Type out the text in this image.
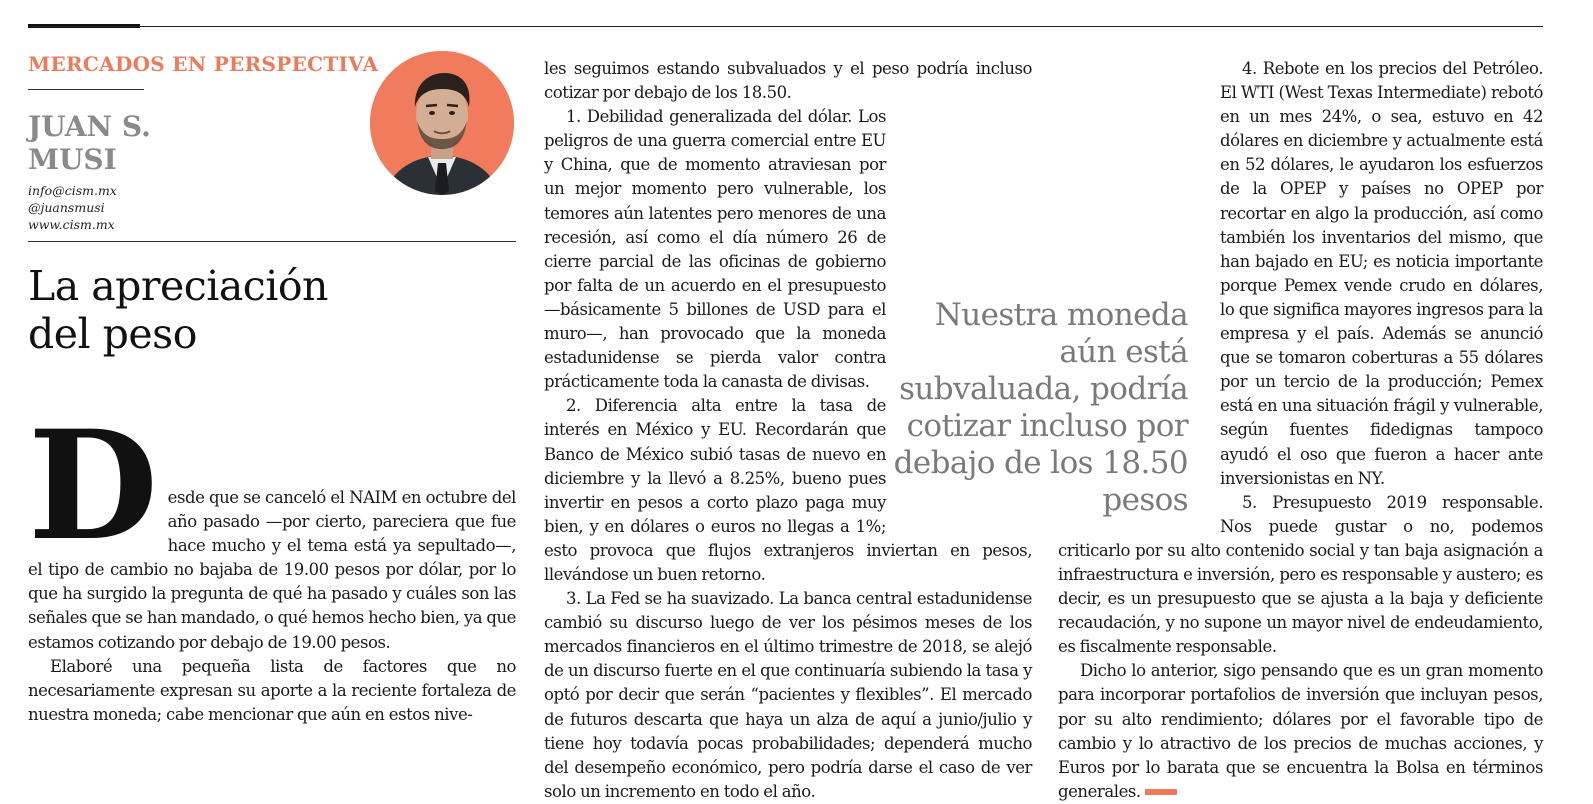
MERCADOS EN PERSPECTIVA
JUAN S.
MUSI
info@cism.mx
@juansmusi
www.cism.mx
La apreciación
del peso

Desde que se canceló el NAIM en octubre del año pasado —por cierto, pareciera que fue hace mucho y el tema está ya sepultado—, el tipo de cambio no bajaba de 19.00 pesos por dólar, por lo que ha surgido la pregunta de qué ha pasado y cuáles son las señales que se han mandado, o qué hemos hecho bien, ya que estamos cotizando por debajo de 19.00 pesos.

Elaboré una pequeña lista de factores que no necesariamente expresan su aporte a la reciente fortaleza de nuestra moneda; cabe mencionar que aún en estos nive-

les seguimos estando subvaluados y el peso podría incluso cotizar por debajo de los 18.50.

1. Debilidad generalizada del dólar. Los peligros de una guerra comercial entre EU y China, que de momento atraviesan por un mejor momento pero vulnerable, los temores aún latentes pero menores de una recesión, así como el día número 26 de cierre parcial de las oficinas de gobierno por falta de un acuerdo en el presupuesto —básicamente 5 billones de USD para el muro—, han provocado que la moneda estadunidense se pierda valor contra prácticamente toda la canasta de divisas.

2. Diferencia alta entre la tasa de interés en México y EU. Recordarán que Banco de México subió tasas de nuevo en diciembre y la llevó a 8.25%, bueno pues invertir en pesos a corto plazo paga muy bien, y en dólares o euros no llegas a 1%; esto provoca que flujos extranjeros inviertan en pesos, llevándose un buen retorno.

3. La Fed se ha suavizado. La banca central estadunidense cambió su discurso luego de ver los pésimos meses de los mercados financieros en el último trimestre de 2018, se alejó de un discurso fuerte en el que continuaría subiendo la tasa y optó por decir que serán “pacientes y flexibles”. El mercado de futuros descarta que haya un alza de aquí a junio/julio y tiene hoy todavía pocas probabilidades; dependerá mucho del desempeño económico, pero podría darse el caso de ver solo un incremento en todo el año.

4. Rebote en los precios del Petróleo. El WTI (West Texas Intermediate) rebotó en un mes 24%, o sea, estuvo en 42 dólares en diciembre y actualmente está en 52 dólares, le ayudaron los esfuerzos de la OPEP y países no OPEP por recortar en algo la producción, así como también los inventarios del mismo, que han bajado en EU; es noticia importante porque Pemex vende crudo en dólares, lo que significa mayores ingresos para la empresa y el país. Además se anunció que se tomaron coberturas a 55 dólares por un tercio de la producción; Pemex está en una situación frágil y vulnerable, según fuentes fidedignas tampoco ayudó el oso que fueron a hacer ante inversionistas en NY.

5. Presupuesto 2019 responsable. Nos puede gustar o no, podemos criticarlo por su alto contenido social y tan baja asignación a infraestructura e inversión, pero es responsable y austero; es decir, es un presupuesto que se ajusta a la baja y deficiente recaudación, y no supone un mayor nivel de endeudamiento, es fiscalmente responsable.

Dicho lo anterior, sigo pensando que es un gran momento para incorporar portafolios de inversión que incluyan pesos, por su alto rendimiento; dólares por el favorable tipo de cambio y lo atractivo de los precios de muchas acciones, y Euros por lo barata que se encuentra la Bolsa en términos generales.

Nuestra moneda aún está subvaluada, podría cotizar incluso por debajo de los 18.50 pesos
